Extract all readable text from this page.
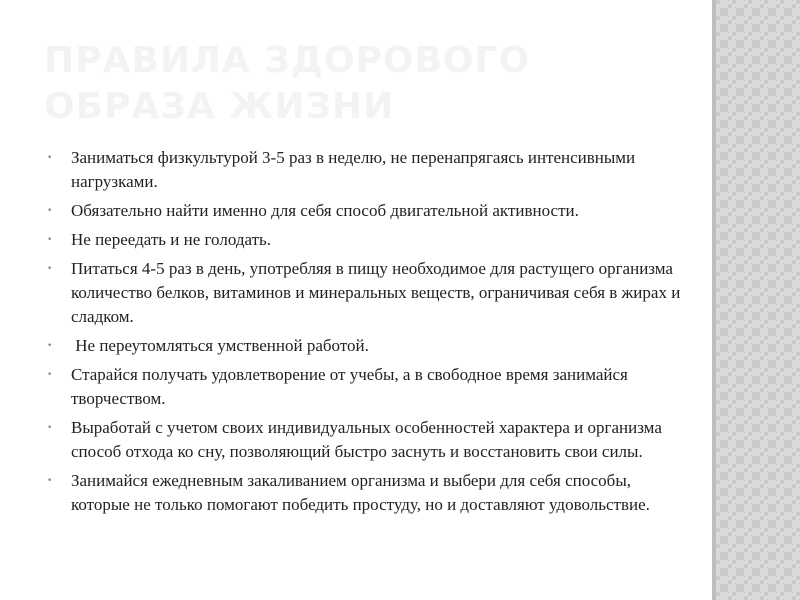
ПРАВИЛА ЗДОРОВОГО ОБРАЗА ЖИЗНИ
• Заниматься физкультурой 3-5 раз в неделю, не перенапрягаясь интенсивными нагрузками.
• Обязательно найти именно для себя способ двигательной активности.
• Не переедать и не голодать.
• Питаться 4-5 раз в день, употребляя в пищу необходимое для растущего организма количество белков, витаминов и минеральных веществ, ограничивая себя в жирах и сладком.
• Не переутомляться умственной работой.
• Старайся получать удовлетворение от учебы, а в свободное время занимайся творчеством.
• Выработай с учетом своих индивидуальных особенностей характера и организма способ отхода ко сну, позволяющий быстро заснуть и восстановить свои силы.
• Занимайся ежедневным закаливанием организма и выбери для себя способы, которые не только помогают победить простуду, но и доставляют удовольствие.
